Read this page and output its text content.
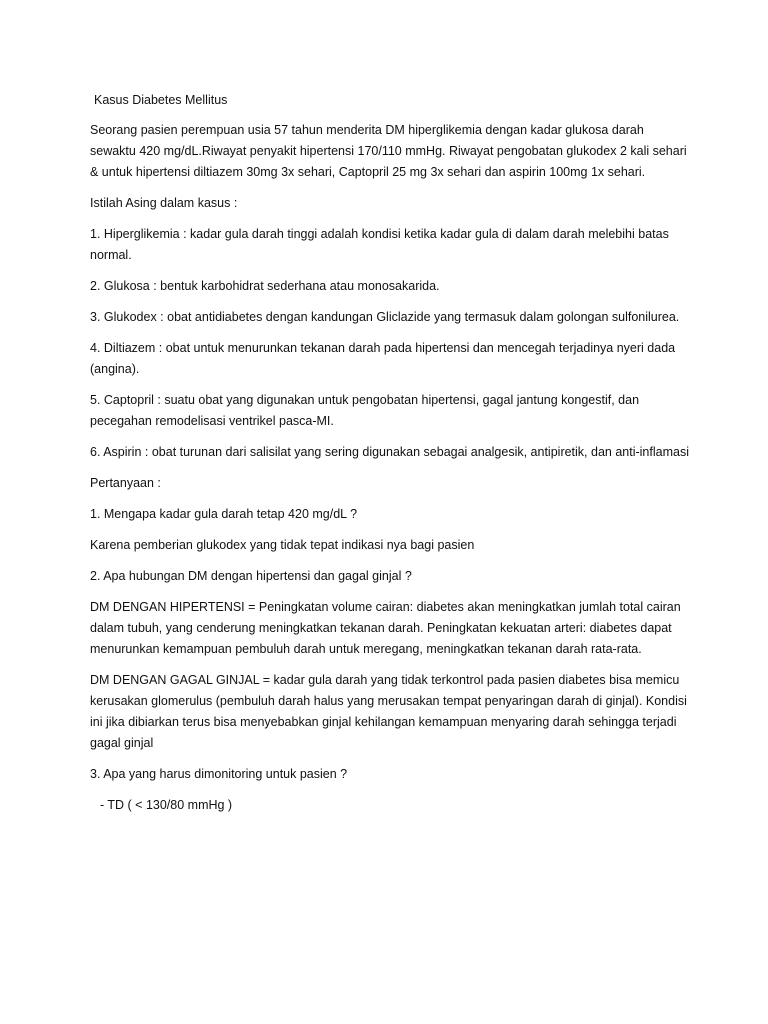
Kasus Diabetes Mellitus

Seorang pasien perempuan usia 57 tahun menderita DM hiperglikemia dengan kadar glukosa darah sewaktu 420 mg/dL.Riwayat penyakit hipertensi 170/110 mmHg. Riwayat pengobatan glukodex 2 kali sehari & untuk hipertensi diltiazem 30mg 3x sehari, Captopril 25 mg 3x sehari dan aspirin 100mg 1x sehari.

Istilah Asing dalam kasus :

1. Hiperglikemia : kadar gula darah tinggi adalah kondisi ketika kadar gula di dalam darah melebihi batas normal.

2. Glukosa : bentuk karbohidrat sederhana atau monosakarida.

3. Glukodex : obat antidiabetes dengan kandungan Gliclazide yang termasuk dalam golongan sulfonilurea.

4. Diltiazem : obat untuk menurunkan tekanan darah pada hipertensi dan mencegah terjadinya nyeri dada (angina).

5. Captopril : suatu obat yang digunakan untuk pengobatan hipertensi, gagal jantung kongestif, dan pecegahan remodelisasi ventrikel pasca-MI.

6. Aspirin : obat turunan dari salisilat yang sering digunakan sebagai analgesik, antipiretik, dan anti-inflamasi

Pertanyaan :

1. Mengapa kadar gula darah tetap 420 mg/dL ?

Karena pemberian glukodex yang tidak tepat indikasi nya bagi pasien

2. Apa hubungan DM dengan hipertensi dan gagal ginjal ?

DM DENGAN HIPERTENSI = Peningkatan volume cairan: diabetes akan meningkatkan jumlah total cairan dalam tubuh, yang cenderung meningkatkan tekanan darah. Peningkatan kekuatan arteri: diabetes dapat menurunkan kemampuan pembuluh darah untuk meregang, meningkatkan tekanan darah rata-rata.

DM DENGAN GAGAL GINJAL = kadar gula darah yang tidak terkontrol pada pasien diabetes bisa memicu kerusakan glomerulus (pembuluh darah halus yang merusakan tempat penyaringan darah di ginjal). Kondisi ini jika dibiarkan terus bisa menyebabkan ginjal kehilangan kemampuan menyaring darah sehingga terjadi gagal ginjal

3. Apa yang harus dimonitoring untuk pasien ?

- TD ( < 130/80 mmHg )
